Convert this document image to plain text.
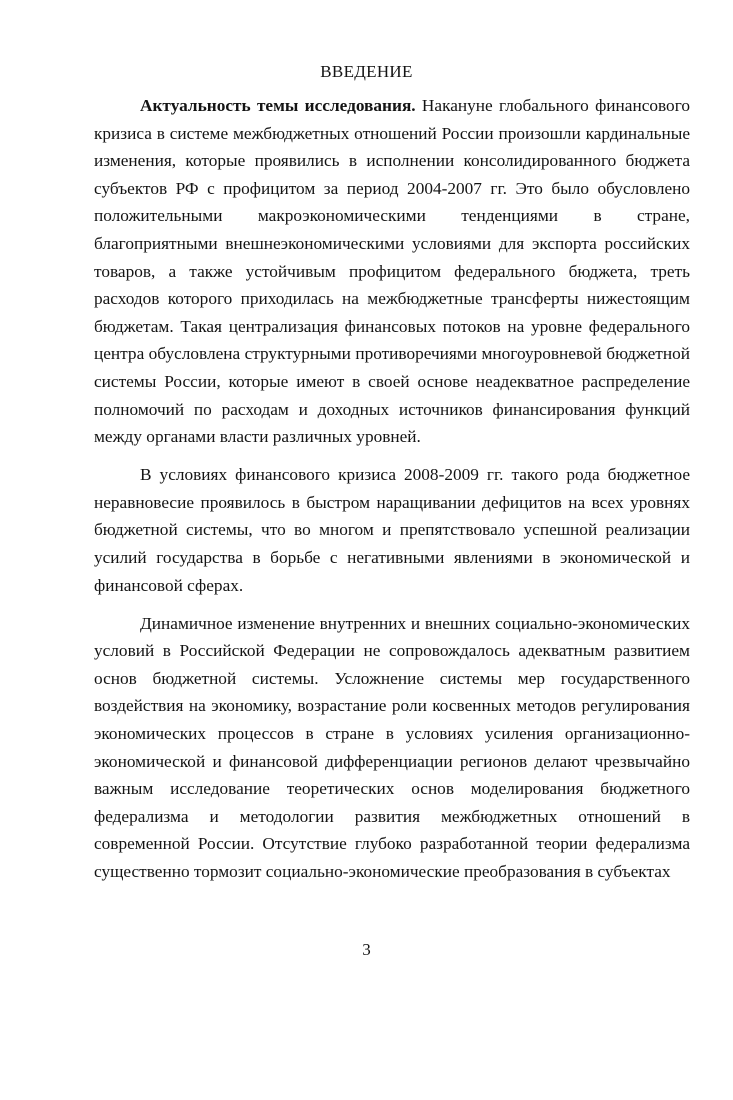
ВВЕДЕНИЕ

Актуальность темы исследования. Накануне глобального финансового кризиса в системе межбюджетных отношений России произошли кардинальные изменения, которые проявились в исполнении консолидированного бюджета субъектов РФ с профицитом за период 2004-2007 гг. Это было обусловлено положительными макроэкономическими тенденциями в стране, благоприятными внешнеэкономическими условиями для экспорта российских товаров, а также устойчивым профицитом федерального бюджета, треть расходов которого приходилась на межбюджетные трансферты нижестоящим бюджетам. Такая централизация финансовых потоков на уровне федерального центра обусловлена структурными противоречиями многоуровневой бюджетной системы России, которые имеют в своей основе неадекватное распределение полномочий по расходам и доходных источников финансирования функций между органами власти различных уровней.

В условиях финансового кризиса 2008-2009 гг. такого рода бюджетное неравновесие проявилось в быстром наращивании дефицитов на всех уровнях бюджетной системы, что во многом и препятствовало успешной реализации усилий государства в борьбе с негативными явлениями в экономической и финансовой сферах.

Динамичное изменение внутренних и внешних социально-экономических условий в Российской Федерации не сопровождалось адекватным развитием основ бюджетной системы. Усложнение системы мер государственного воздействия на экономику, возрастание роли косвенных методов регулирования экономических процессов в стране в условиях усиления организационно-экономической и финансовой дифференциации регионов делают чрезвычайно важным исследование теоретических основ моделирования бюджетного федерализма и методологии развития межбюджетных отношений в современной России. Отсутствие глубоко разработанной теории федерализма существенно тормозит социально-экономические преобразования в субъектах

3
